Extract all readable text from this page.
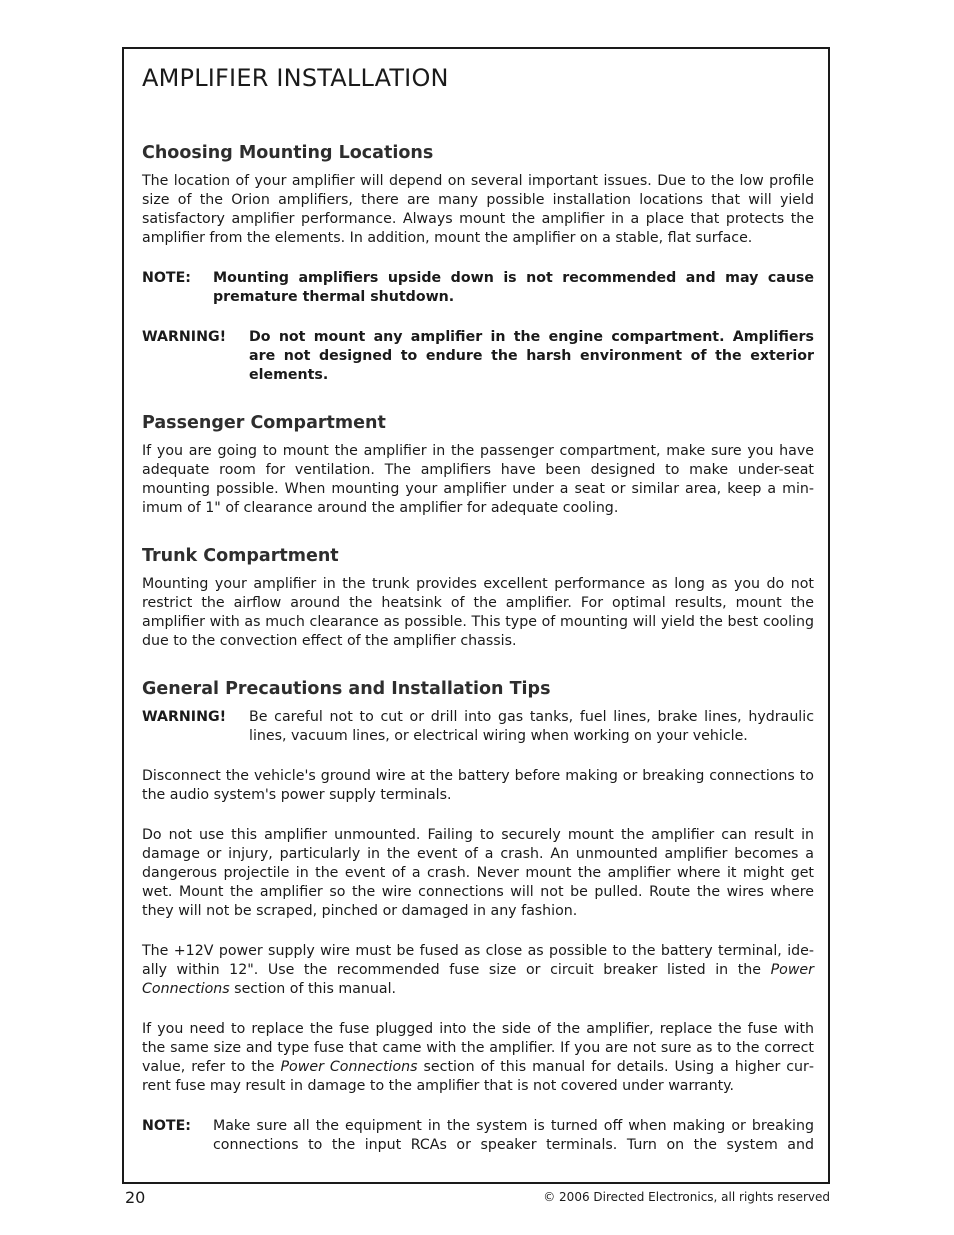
AMPLIFIER INSTALLATION
Choosing Mounting Locations

The location of your amplifier will depend on several important issues. Due to the low profile size of the Orion amplifiers, there are many possible installation locations that will yield satisfactory amplifier performance. Always mount the amplifier in a place that protects the amplifier from the elements. In addition, mount the amplifier on a stable, flat surface.

NOTE:	Mounting amplifiers upside down is not recommended and may cause premature thermal shutdown.
WARNING!	Do not mount any amplifier in the engine compartment. Amplifiers are not designed to endure the harsh environment of the exterior elements.
Passenger Compartment

If you are going to mount the amplifier in the passenger compartment, make sure you have adequate room for ventilation. The amplifiers have been designed to make under-seat mounting possible. When mounting your amplifier under a seat or similar area, keep a minimum of 1" of clearance around the amplifier for adequate cooling.

Trunk Compartment

Mounting your amplifier in the trunk provides excellent performance as long as you do not restrict the airflow around the heatsink of the amplifier. For optimal results, mount the amplifier with as much clearance as possible. This type of mounting will yield the best cooling due to the convection effect of the amplifier chassis.

General Precautions and Installation Tips
WARNING!	Be careful not to cut or drill into gas tanks, fuel lines, brake lines, hydraulic lines, vacuum lines, or electrical wiring when working on your vehicle.

Disconnect the vehicle's ground wire at the battery before making or breaking connections to the audio system's power supply terminals.

Do not use this amplifier unmounted. Failing to securely mount the amplifier can result in damage or injury, particularly in the event of a crash. An unmounted amplifier becomes a dangerous projectile in the event of a crash. Never mount the amplifier where it might get wet. Mount the amplifier so the wire connections will not be pulled. Route the wires where they will not be scraped, pinched or damaged in any fashion.

The +12V power supply wire must be fused as close as possible to the battery terminal, ideally within 12". Use the recommended fuse size or circuit breaker listed in the Power Connections section of this manual.

If you need to replace the fuse plugged into the side of the amplifier, replace the fuse with the same size and type fuse that came with the amplifier. If you are not sure as to the correct value, refer to the Power Connections section of this manual for details. Using a higher current fuse may result in damage to the amplifier that is not covered under warranty.

NOTE:	Make sure all the equipment in the system is turned off when making or breaking connections to the input RCAs or speaker terminals. Turn on the system and
20	© 2006 Directed Electronics, all rights reserved
